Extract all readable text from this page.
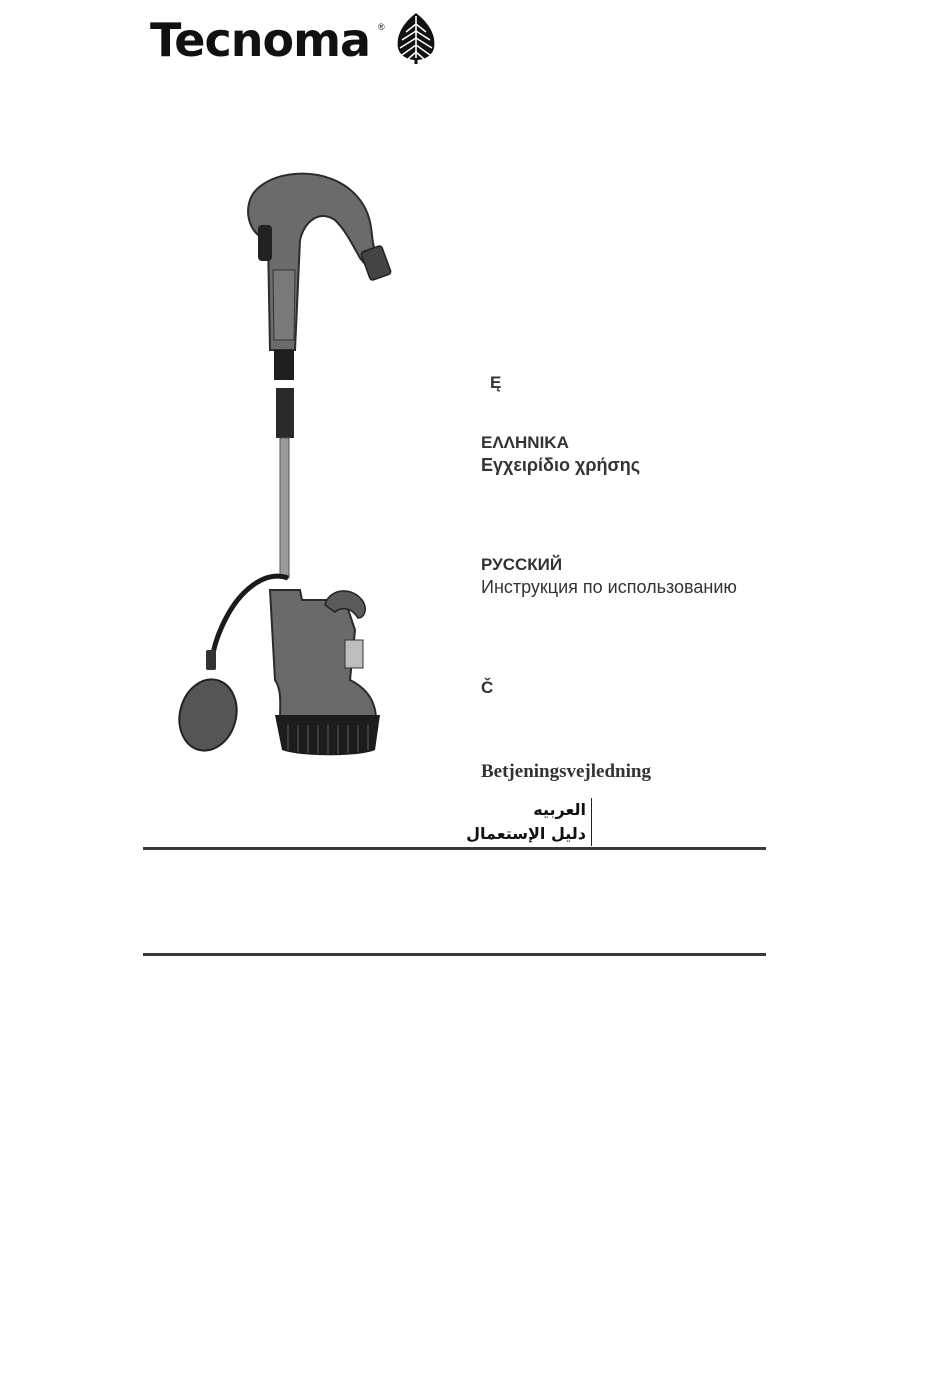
Tecnoma ®
Ę
ΕΛΛΗΝΙΚΑ
Εγχειρίδιο χρήσης
РУССКИЙ
Инструкция по использованию
Č
Betjeningsvejledning
العربيه
دليل الإستعمال
